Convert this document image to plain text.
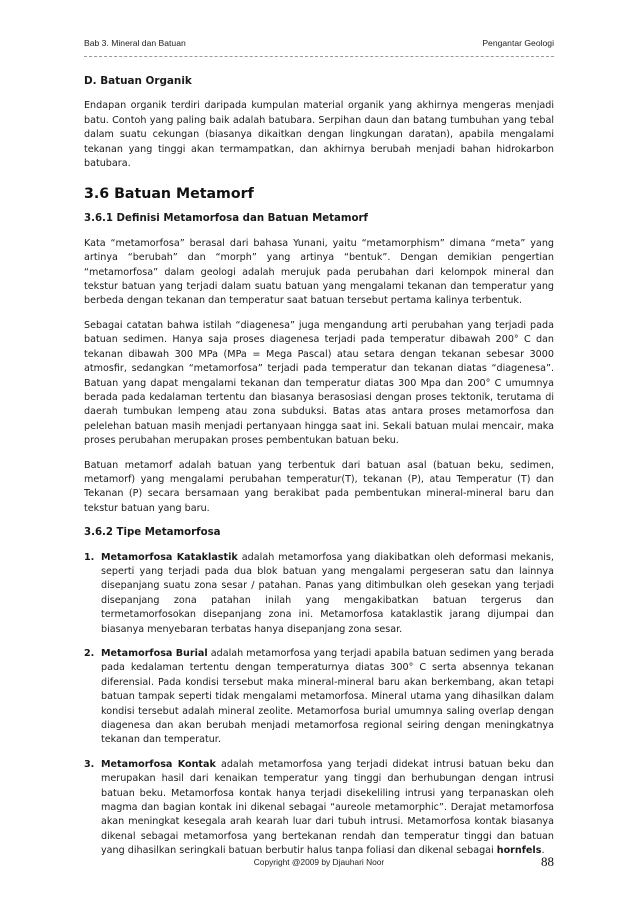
Bab 3. Mineral dan Batuan	Pengantar Geologi
D. Batuan Organik

Endapan organik terdiri daripada kumpulan material organik yang akhirnya mengeras menjadi batu. Contoh yang paling baik adalah batubara. Serpihan daun dan batang tumbuhan yang tebal dalam suatu cekungan (biasanya dikaitkan dengan lingkungan daratan), apabila mengalami tekanan yang tinggi akan termampatkan, dan akhirnya berubah menjadi bahan hidrokarbon batubara.

3.6 Batuan Metamorf
3.6.1 Definisi Metamorfosa dan Batuan Metamorf

Kata “metamorfosa” berasal dari bahasa Yunani, yaitu “metamorphism” dimana “meta” yang artinya “berubah” dan “morph” yang artinya “bentuk”. Dengan demikian pengertian “metamorfosa” dalam geologi adalah merujuk pada perubahan dari kelompok mineral dan tekstur batuan yang terjadi dalam suatu batuan yang mengalami tekanan dan temperatur yang berbeda dengan tekanan dan temperatur saat batuan tersebut pertama kalinya terbentuk.

Sebagai catatan bahwa istilah “diagenesa” juga mengandung arti perubahan yang terjadi pada batuan sedimen. Hanya saja proses diagenesa terjadi pada temperatur dibawah 200° C dan tekanan dibawah 300 MPa (MPa = Mega Pascal) atau setara dengan tekanan sebesar 3000 atmosfir, sedangkan “metamorfosa” terjadi pada temperatur dan tekanan diatas “diagenesa”. Batuan yang dapat mengalami tekanan dan temperatur diatas 300 Mpa dan 200° C umumnya berada pada kedalaman tertentu dan biasanya berasosiasi dengan proses tektonik, terutama di daerah tumbukan lempeng atau zona subduksi. Batas atas antara proses metamorfosa dan pelelehan batuan masih menjadi pertanyaan hingga saat ini. Sekali batuan mulai mencair, maka proses perubahan merupakan proses pembentukan batuan beku.

Batuan metamorf adalah batuan yang terbentuk dari batuan asal (batuan beku, sedimen, metamorf) yang mengalami perubahan temperatur(T), tekanan (P), atau Temperatur (T) dan Tekanan (P) secara bersamaan yang berakibat pada pembentukan mineral-mineral baru dan tekstur batuan yang baru.

3.6.2 Tipe Metamorfosa
1. Metamorfosa Kataklastik adalah metamorfosa yang diakibatkan oleh deformasi mekanis, seperti yang terjadi pada dua blok batuan yang mengalami pergeseran satu dan lainnya disepanjang suatu zona sesar / patahan. Panas yang ditimbulkan oleh gesekan yang terjadi disepanjang zona patahan inilah yang mengakibatkan batuan tergerus dan termetamorfosokan disepanjang zona ini. Metamorfosa kataklastik jarang dijumpai dan biasanya menyebaran terbatas hanya disepanjang zona sesar.
2. Metamorfosa Burial adalah metamorfosa yang terjadi apabila batuan sedimen yang berada pada kedalaman tertentu dengan temperaturnya diatas 300° C serta absennya tekanan diferensial. Pada kondisi tersebut maka mineral-mineral baru akan berkembang, akan tetapi batuan tampak seperti tidak mengalami metamorfosa. Mineral utama yang dihasilkan dalam kondisi tersebut adalah mineral zeolite. Metamorfosa burial umumnya saling overlap dengan diagenesa dan akan berubah menjadi metamorfosa regional seiring dengan meningkatnya tekanan dan temperatur.
3. Metamorfosa Kontak adalah metamorfosa yang terjadi didekat intrusi batuan beku dan merupakan hasil dari kenaikan temperatur yang tinggi dan berhubungan dengan intrusi batuan beku. Metamorfosa kontak hanya terjadi disekeliling intrusi yang terpanaskan oleh magma dan bagian kontak ini dikenal sebagai “aureole metamorphic”. Derajat metamorfosa akan meningkat kesegala arah kearah luar dari tubuh intrusi. Metamorfosa kontak biasanya dikenal sebagai metamorfosa yang bertekanan rendah dan temperatur tinggi dan batuan yang dihasilkan seringkali batuan berbutir halus tanpa foliasi dan dikenal sebagai hornfels.
Copyright @2009 by Djauhari Noor	88
